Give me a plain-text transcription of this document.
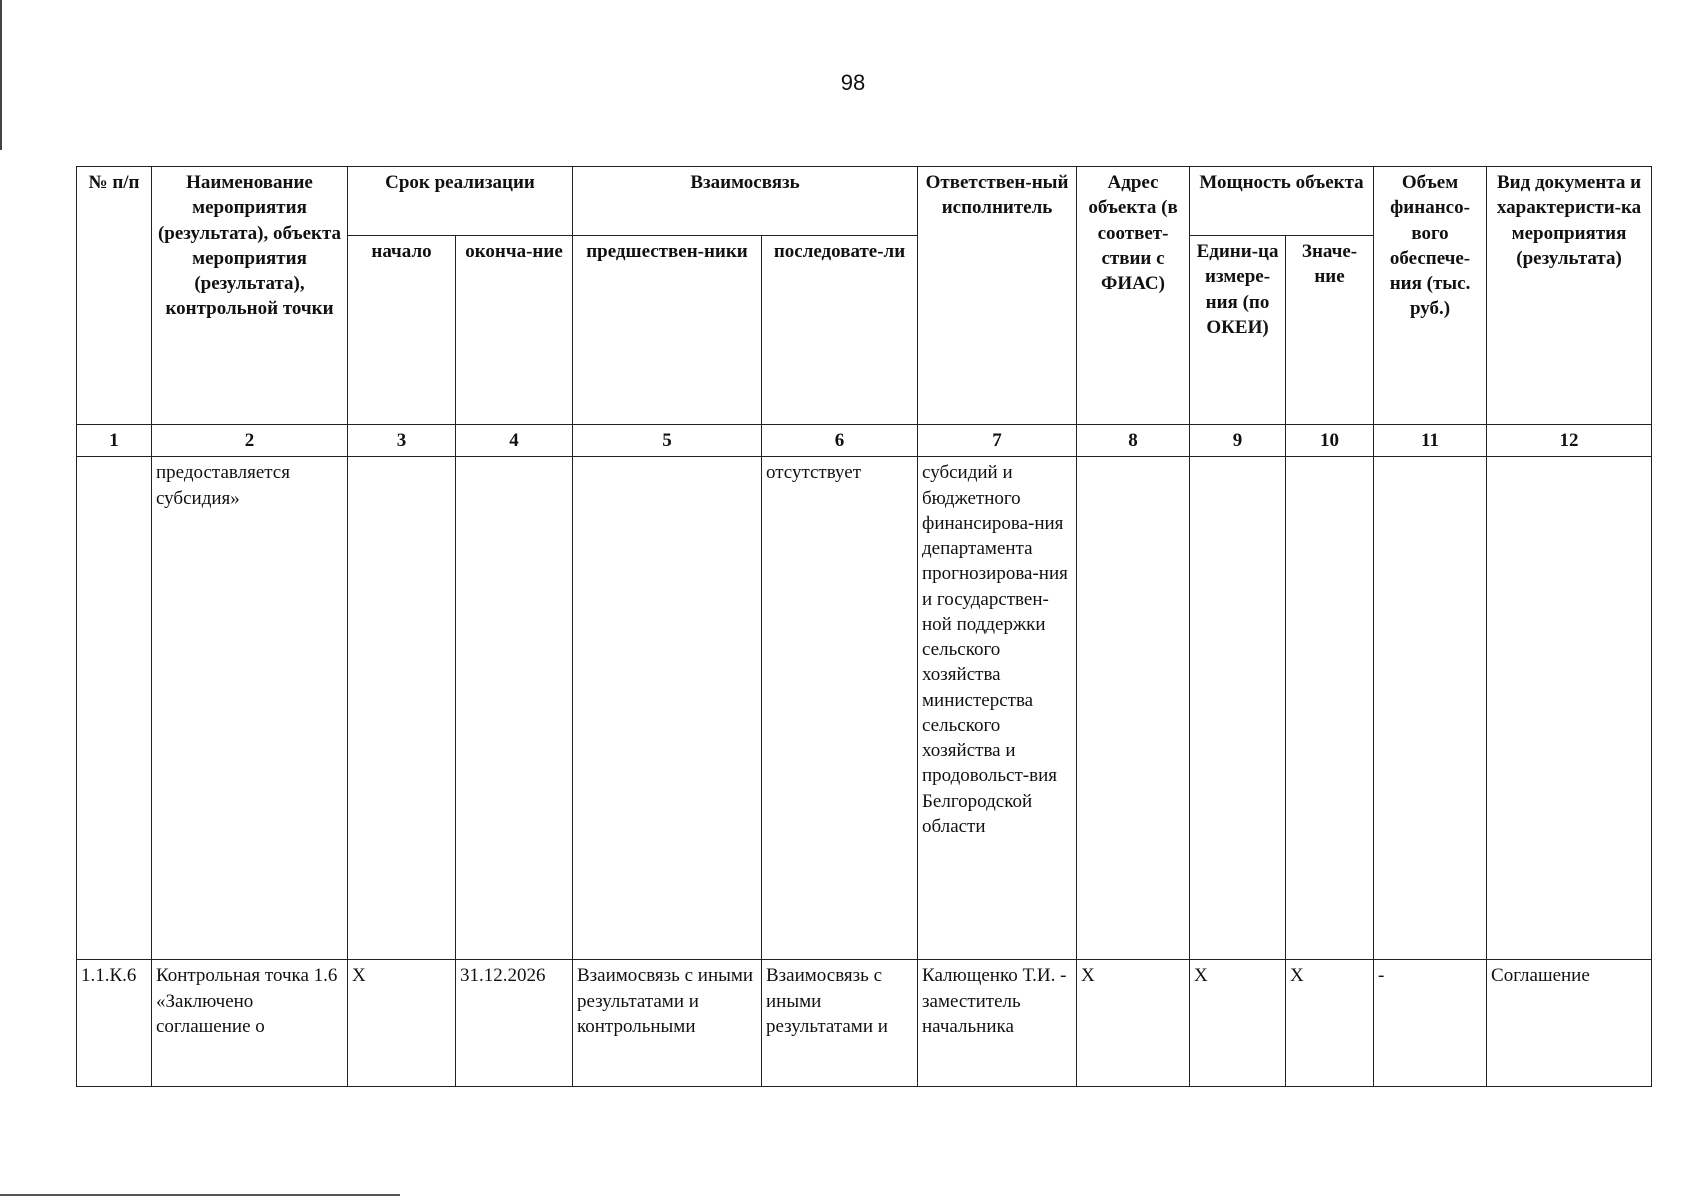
98
№ п/п	Наименование мероприятия (результата), объекта мероприятия (результата), контрольной точки	Срок реализации		Взаимосвязь		Ответствен-ный исполнитель	Адрес объекта (в соответ-ствии с ФИАС)	Мощность объекта		Объем финансо-вого обеспече-ния (тыс. руб.)	Вид документа и характеристи-ка мероприятия (результата)
		начало	оконча-ние	предшествен-ники	последовате-ли			Едини-ца измере-ния (по ОКЕИ)	Значе-ние		
1	2	3	4	5	6	7	8	9	10	11	12
	предоставляется субсидия»				отсутствует	субсидий и бюджетного финансирова-ния департамента прогнозирова-ния и государствен-ной поддержки сельского хозяйства министерства сельского хозяйства и продовольст-вия Белгородской области					
1.1.К.6	Контрольная точка 1.6 «Заключено соглашение о	Х	31.12.2026	Взаимосвязь с иными результатами и контрольными	Взаимосвязь с иными результатами и	Калющенко Т.И. - заместитель начальника	Х	Х	Х	-	Соглашение
